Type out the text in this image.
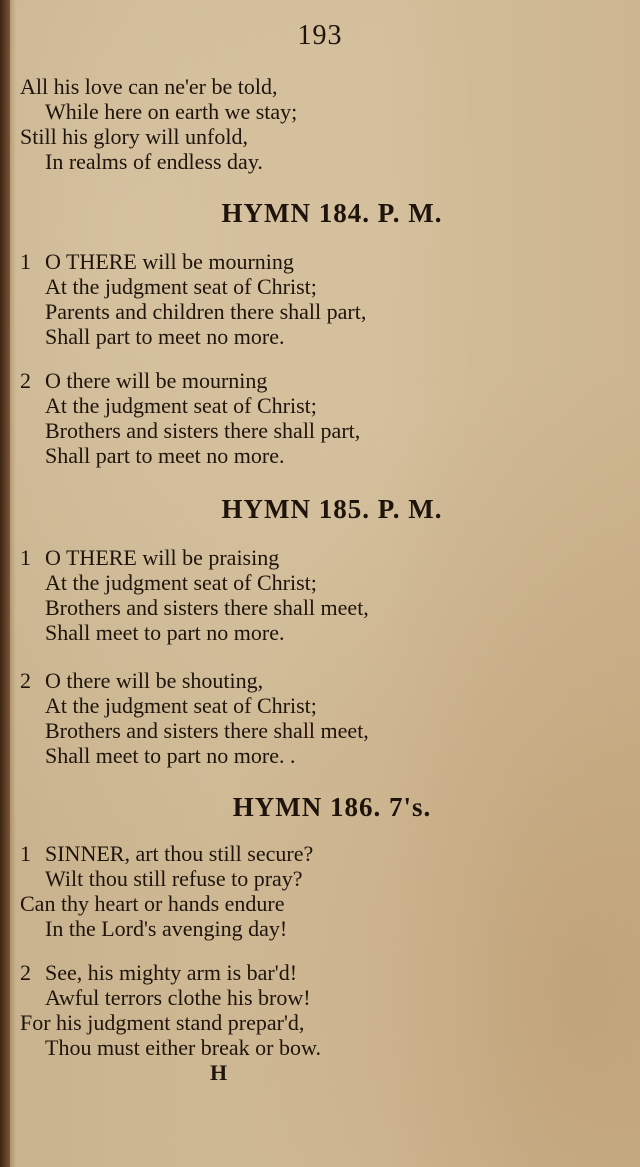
193
All his love can ne'er be told,
While here on earth we stay;
Still his glory will unfold,
In realms of endless day.
HYMN 184. P. M.
1 O THERE will be mourning
At the judgment seat of Christ;
Parents and children there shall part,
Shall part to meet no more.
2 O there will be mourning
At the judgment seat of Christ;
Brothers and sisters there shall part,
Shall part to meet no more.
HYMN 185. P. M.
1 O THERE will be praising
At the judgment seat of Christ;
Brothers and sisters there shall meet,
Shall meet to part no more.
2 O there will be shouting,
At the judgment seat of Christ;
Brothers and sisters there shall meet,
Shall meet to part no more. .
HYMN 186. 7's.
1 SINNER, art thou still secure?
Wilt thou still refuse to pray?
Can thy heart or hands endure
In the Lord's avenging day!
2 See, his mighty arm is bar'd!
Awful terrors clothe his brow!
For his judgment stand prepar'd,
Thou must either break or bow.
H
